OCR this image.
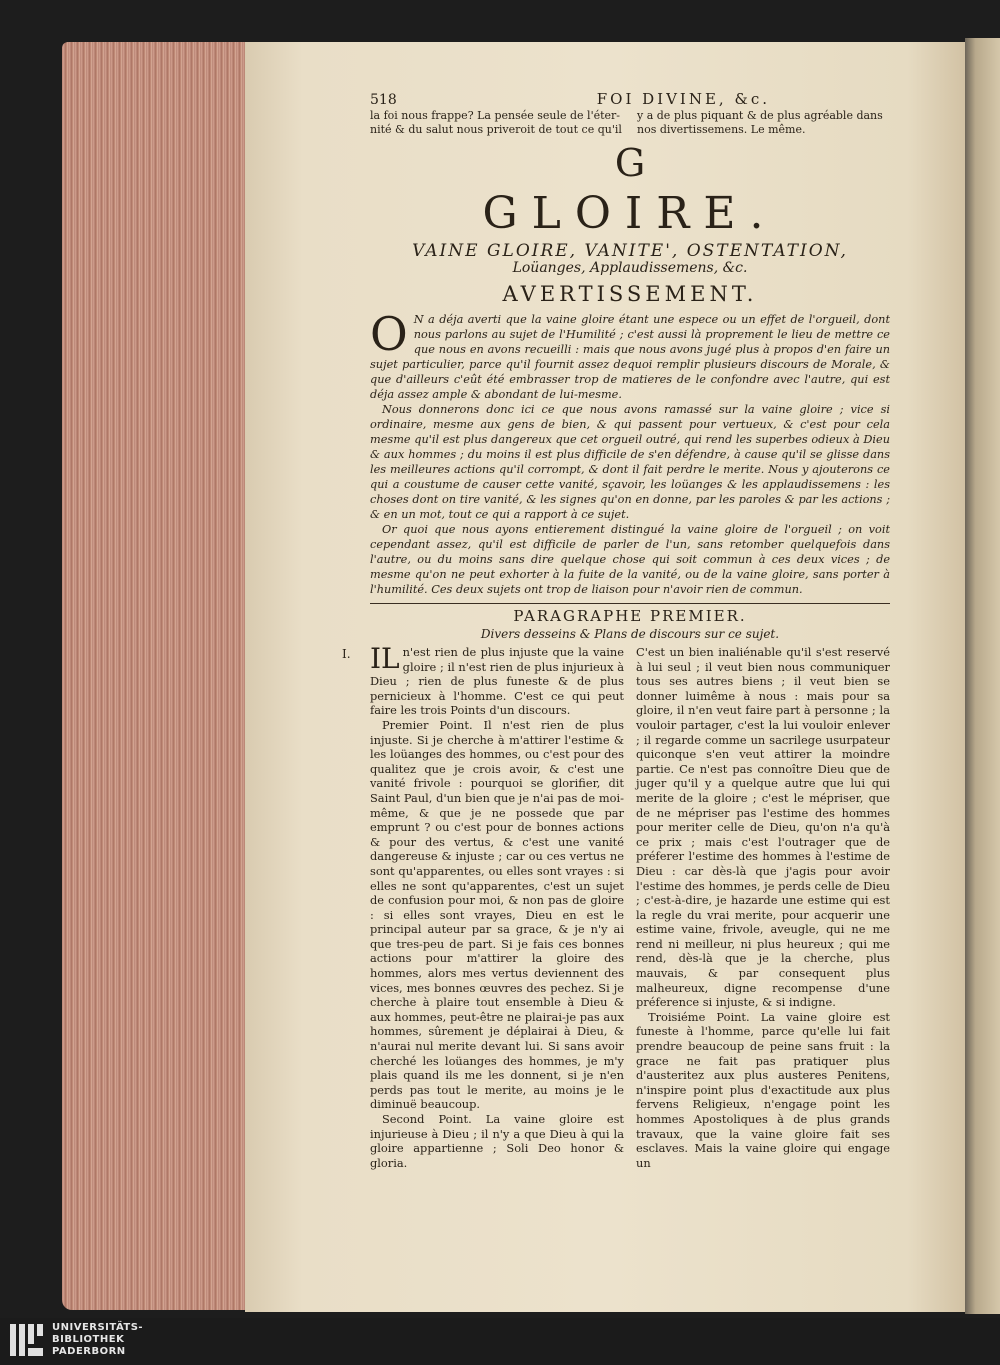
518	FOI DIVINE, &c.
la foi nous frappe? La pensée seule de l'éter- nité & du salut nous priveroit de tout ce qu'il
y a de plus piquant & de plus agréable dans nos divertissemens. Le même.
G
GLOIRE.
VAINE GLOIRE, VANITE', OSTENTATION,
Loüanges, Applaudissemens, &c.
AVERTISSEMENT.

O N a déja averti que la vaine gloire étant une espece ou un effet de l'orgueil, dont nous parlons au sujet de l'Humilité ; c'est aussi là proprement le lieu de mettre ce que nous en avons recueilli : mais que nous avons jugé plus à propos d'en faire un sujet particulier, parce qu'il fournit assez dequoi remplir plusieurs discours de Morale, & que d'ailleurs c'eût été embrasser trop de matieres de le confondre avec l'autre, qui est déja assez ample & abondant de lui-mesme.

Nous donnerons donc ici ce que nous avons ramassé sur la vaine gloire ; vice si ordinaire, mesme aux gens de bien, & qui passent pour vertueux, & c'est pour cela mesme qu'il est plus dangereux que cet orgueil outré, qui rend les superbes odieux à Dieu & aux hommes ; du moins il est plus difficile de s'en défendre, à cause qu'il se glisse dans les meilleures actions qu'il corrompt, & dont il fait perdre le merite. Nous y ajouterons ce qui a coustume de causer cette vanité, sçavoir, les loüanges & les applaudissemens : les choses dont on tire vanité, & les signes qu'on en donne, par les paroles & par les actions ; & en un mot, tout ce qui a rapport à ce sujet.

Or quoi que nous ayons entierement distingué la vaine gloire de l'orgueil ; on voit cependant assez, qu'il est difficile de parler de l'un, sans retomber quelquefois dans l'autre, ou du moins sans dire quelque chose qui soit commun à ces deux vices ; de mesme qu'on ne peut exhorter à la fuite de la vanité, ou de la vaine gloire, sans porter à l'humilité. Ces deux sujets ont trop de liaison pour n'avoir rien de commun.

PARAGRAPHE PREMIER.
Divers desseins & Plans de discours sur ce sujet.
I. IL n'est rien de plus injuste que la vaine gloire ; il n'est rien de plus injurieux à Dieu ; rien de plus funeste & de plus pernicieux à l'homme. C'est ce qui peut faire les trois Points d'un discours.

Premier Point. Il n'est rien de plus injuste. Si je cherche à m'attirer l'estime & les loüanges des hommes, ou c'est pour des qualitez que je crois avoir, & c'est une vanité frivole : pourquoi se glorifier, dit Saint Paul, d'un bien que je n'ai pas de moi-même, & que je ne possede que par emprunt ? ou c'est pour de bonnes actions & pour des vertus, & c'est une vanité dangereuse & injuste ; car ou ces vertus ne sont qu'apparentes, ou elles sont vrayes : si elles ne sont qu'apparentes, c'est un sujet de confusion pour moi, & non pas de gloire : si elles sont vrayes, Dieu en est le principal auteur par sa grace, & je n'y ai que tres-peu de part. Si je fais ces bonnes actions pour m'attirer la gloire des hommes, alors mes vertus deviennent des vices, mes bonnes œuvres des pechez. Si je cherche à plaire tout ensemble à Dieu & aux hommes, peut-être ne plairai-je pas aux hommes, sûrement je déplairai à Dieu, & n'aurai nul merite devant lui. Si sans avoir cherché les loüanges des hommes, je m'y plais quand ils me les donnent, si je n'en perds pas tout le merite, au moins je le diminuë beaucoup.

Second Point. La vaine gloire est injurieuse à Dieu ; il n'y a que Dieu à qui la gloire appartienne ; Soli Deo honor & gloria.

C'est un bien inaliénable qu'il s'est reservé à lui seul ; il veut bien nous communiquer tous ses autres biens ; il veut bien se donner luimême à nous : mais pour sa gloire, il n'en veut faire part à personne ; la vouloir partager, c'est la lui vouloir enlever ; il regarde comme un sacrilege usurpateur quiconque s'en veut attirer la moindre partie. Ce n'est pas connoître Dieu que de juger qu'il y a quelque autre que lui qui merite de la gloire ; c'est le mépriser, que de ne mépriser pas l'estime des hommes pour meriter celle de Dieu, qu'on n'a qu'à ce prix ; mais c'est l'outrager que de préferer l'estime des hommes à l'estime de Dieu : car dès-là que j'agis pour avoir l'estime des hommes, je perds celle de Dieu ; c'est-à-dire, je hazarde une estime qui est la regle du vrai merite, pour acquerir une estime vaine, frivole, aveugle, qui ne me rend ni meilleur, ni plus heureux ; qui me rend, dès-là que je la cherche, plus mauvais, & par consequent plus malheureux, digne recompense d'une préference si injuste, & si indigne.

Troisiéme Point. La vaine gloire est funeste à l'homme, parce qu'elle lui fait prendre beaucoup de peine sans fruit : la grace ne fait pas pratiquer plus d'austeritez aux plus austeres Penitens, n'inspire point plus d'exactitude aux plus fervens Religieux, n'engage point les hommes Apostoliques à de plus grands travaux, que la vaine gloire fait ses esclaves. Mais la vaine gloire qui engage un

UNIVERSITÄTS-
BIBLIOTHEK
PADERBORN
